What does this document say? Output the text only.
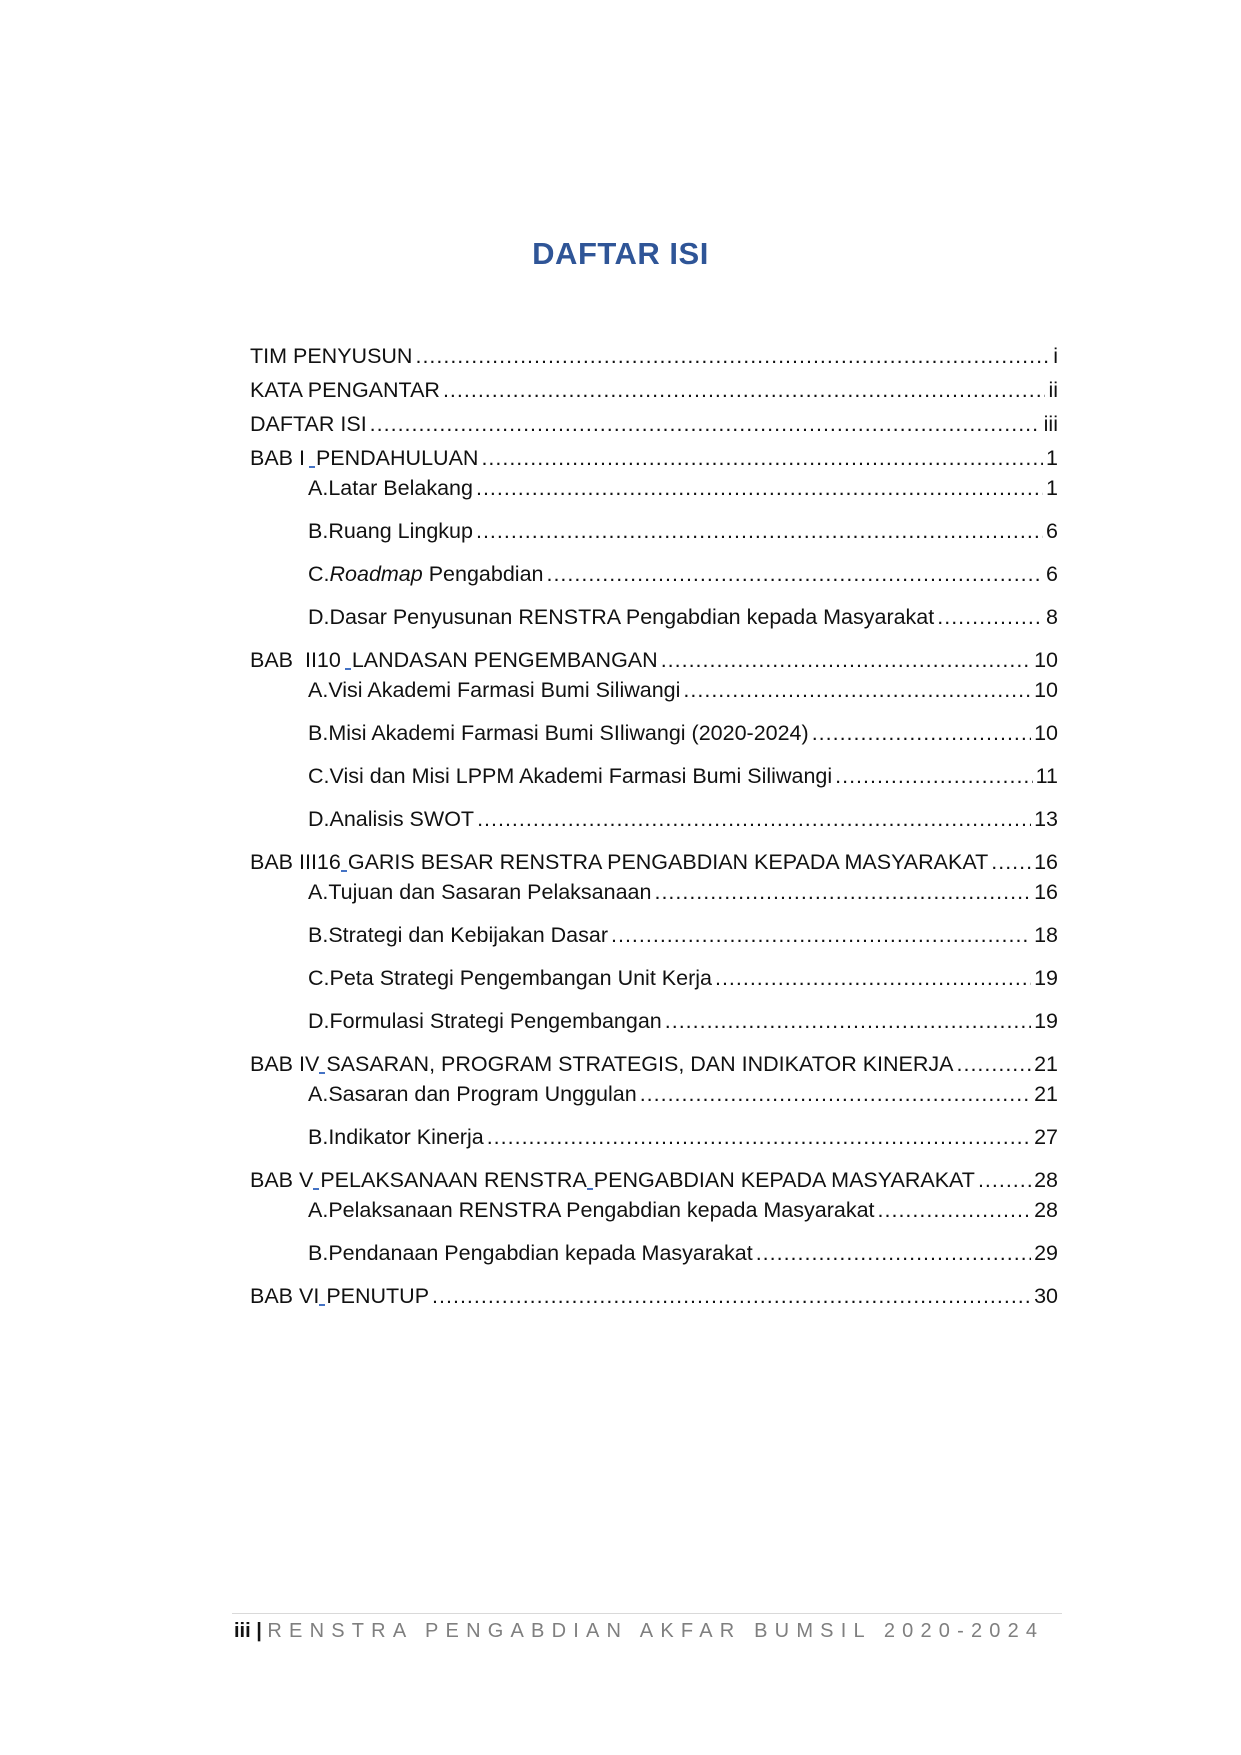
DAFTAR ISI
TIM PENYUSUN .....	i
KATA PENGANTAR .....	ii
DAFTAR ISI .....	iii
BAB I PENDAHULUAN .....	1
A. Latar Belakang .....	1
B. Ruang Lingkup .....	6
C. Roadmap Pengabdian .....	6
D. Dasar Penyusunan RENSTRA Pengabdian kepada Masyarakat .....	8
BAB  II10 LANDASAN PENGEMBANGAN .....	10
A. Visi Akademi Farmasi Bumi Siliwangi .....	10
B. Misi Akademi Farmasi Bumi SIliwangi (2020-2024) .....	10
C. Visi dan Misi LPPM Akademi Farmasi Bumi Siliwangi .....	11
D. Analisis SWOT .....	13
BAB III16 GARIS BESAR RENSTRA PENGABDIAN KEPADA MASYARAKAT ..... 16
A. Tujuan dan Sasaran Pelaksanaan .....	16
B. Strategi dan Kebijakan Dasar .....	18
C. Peta Strategi Pengembangan Unit Kerja .....	19
D. Formulasi Strategi Pengembangan .....	19
BAB IV SASARAN, PROGRAM STRATEGIS, DAN INDIKATOR KINERJA .....	21
A. Sasaran dan Program Unggulan .....	21
B. Indikator Kinerja .....	27
BAB V PELAKSANAAN RENSTRA PENGABDIAN KEPADA MASYARAKAT .....	28
A. Pelaksanaan RENSTRA Pengabdian kepada Masyarakat .....	28
B. Pendanaan Pengabdian kepada Masyarakat .....	29
BAB VI PENUTUP .....	30
iii | RENSTRA PENGABDIAN AKFAR BUMSIL 2020-2024
